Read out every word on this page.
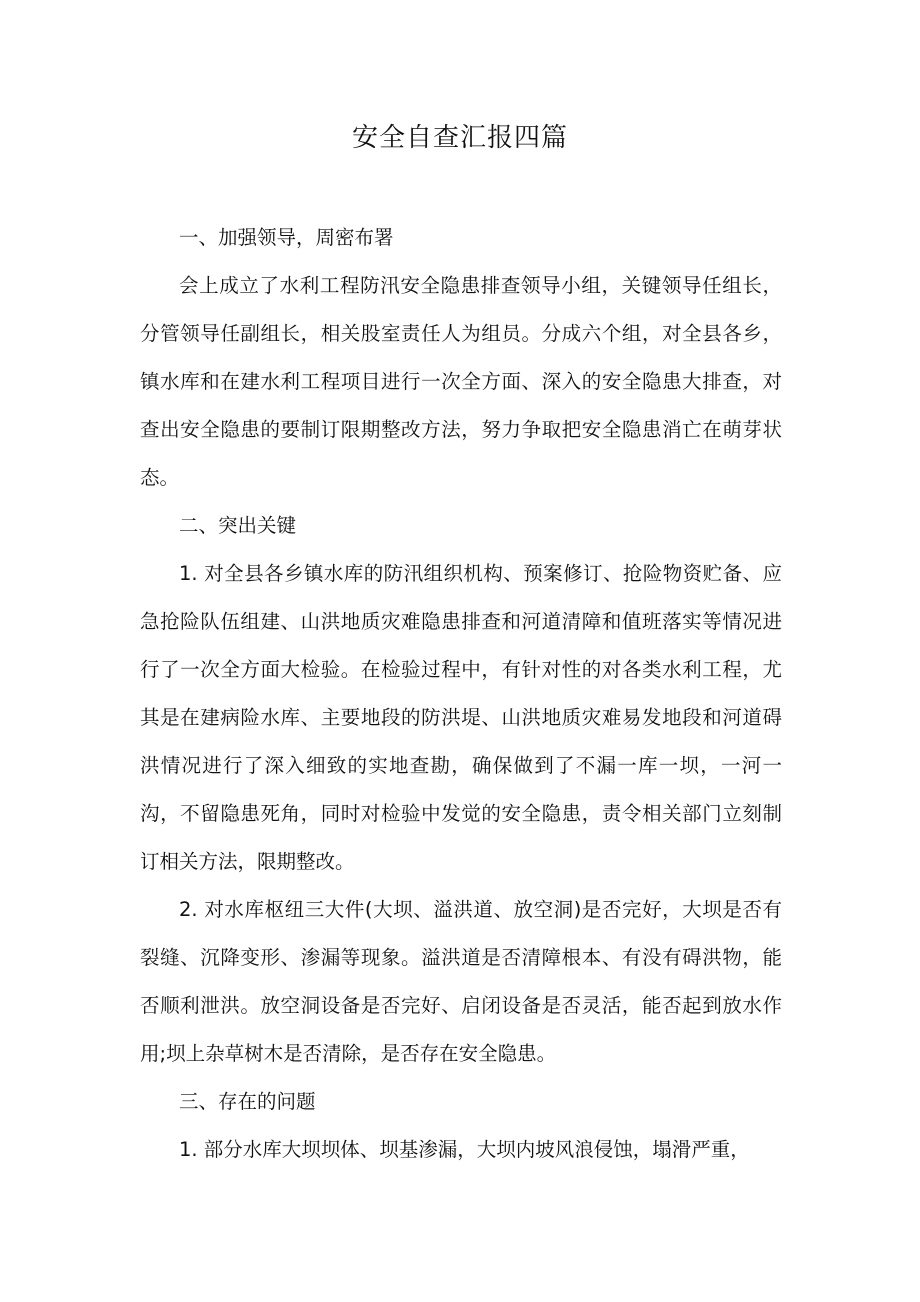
安全自查汇报四篇

一、加强领导，周密布署

会上成立了水利工程防汛安全隐患排查领导小组，关键领导任组长，分管领导任副组长，相关股室责任人为组员。分成六个组，对全县各乡，镇水库和在建水利工程项目进行一次全方面、深入的安全隐患大排查，对查出安全隐患的要制订限期整改方法，努力争取把安全隐患消亡在萌芽状态。

二、突出关键

1. 对全县各乡镇水库的防汛组织机构、预案修订、抢险物资贮备、应急抢险队伍组建、山洪地质灾难隐患排查和河道清障和值班落实等情况进行了一次全方面大检验。在检验过程中，有针对性的对各类水利工程，尤其是在建病险水库、主要地段的防洪堤、山洪地质灾难易发地段和河道碍洪情况进行了深入细致的实地查勘，确保做到了不漏一库一坝，一河一沟，不留隐患死角，同时对检验中发觉的安全隐患，责令相关部门立刻制订相关方法，限期整改。

2. 对水库枢纽三大件(大坝、溢洪道、放空洞)是否完好，大坝是否有裂缝、沉降变形、渗漏等现象。溢洪道是否清障根本、有没有碍洪物，能否顺利泄洪。放空洞设备是否完好、启闭设备是否灵活，能否起到放水作用;坝上杂草树木是否清除，是否存在安全隐患。

三、存在的问题

1. 部分水库大坝坝体、坝基渗漏，大坝内坡风浪侵蚀，塌滑严重，
